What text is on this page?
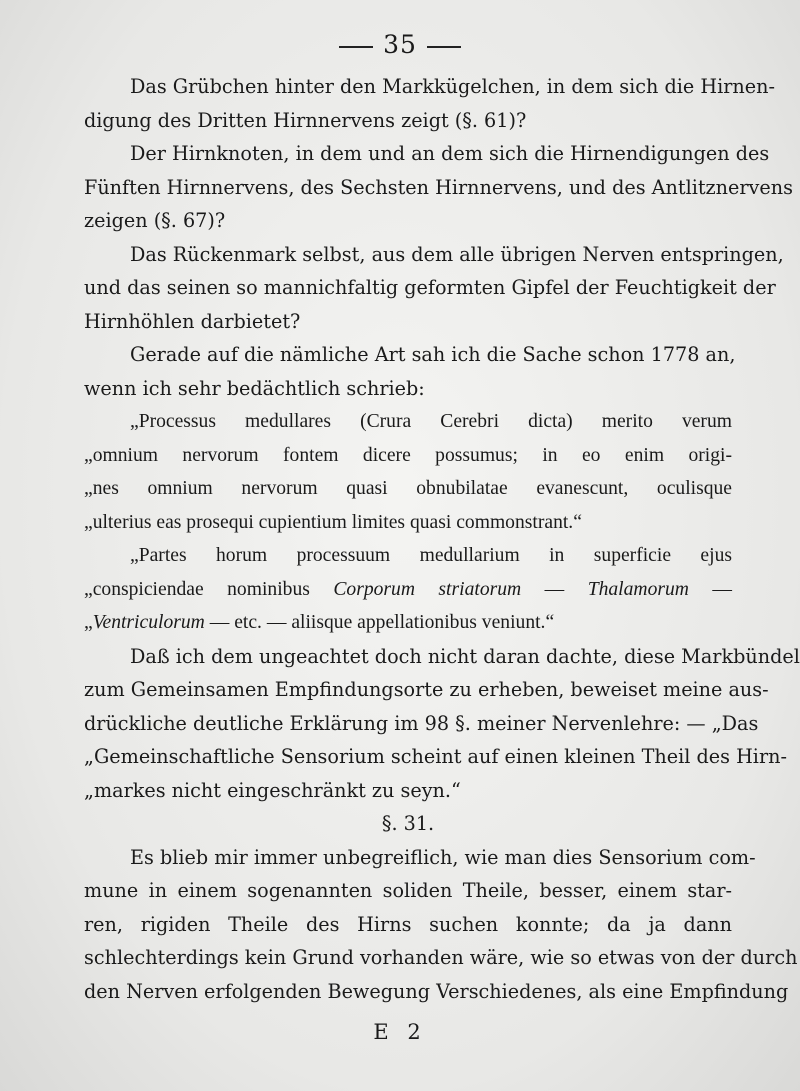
35
Das Grübchen hinter den Markkügelchen, in dem sich die Hirnen-
digung des Dritten Hirnnervens zeigt (§. 61)?
Der Hirnknoten, in dem und an dem sich die Hirnendigungen des
Fünften Hirnnervens, des Sechsten Hirnnervens, und des Antlitznervens
zeigen (§. 67)?
Das Rückenmark selbst, aus dem alle übrigen Nerven entspringen,
und das seinen so mannichfaltig geformten Gipfel der Feuchtigkeit der
Hirnhöhlen darbietet?
Gerade auf die nämliche Art sah ich die Sache schon 1778 an,
wenn ich sehr bedächtlich schrieb:
„Processus medullares (Crura Cerebri dicta) merito verum
„omnium nervorum fontem dicere possumus; in eo enim origi-
„nes omnium nervorum quasi obnubilatae evanescunt, oculisque
„ulterius eas prosequi cupientium limites quasi commonstrant.“
„Partes horum processuum medullarium in superficie ejus
„conspiciendae nominibus Corporum striatorum — Thalamorum —
„Ventriculorum — etc. — aliisque appellationibus veniunt.“
Daß ich dem ungeachtet doch nicht daran dachte, diese Markbündel
zum Gemeinsamen Empfindungsorte zu erheben, beweiset meine aus-
drückliche deutliche Erklärung im 98 §. meiner Nervenlehre: — „Das
„Gemeinschaftliche Sensorium scheint auf einen kleinen Theil des Hirn-
„markes nicht eingeschränkt zu seyn.“
§. 31.
Es blieb mir immer unbegreiflich, wie man dies Sensorium com-
mune in einem sogenannten soliden Theile, besser, einem star-
ren, rigiden Theile des Hirns suchen konnte; da ja dann
schlechterdings kein Grund vorhanden wäre, wie so etwas von der durch
den Nerven erfolgenden Bewegung Verschiedenes, als eine Empfindung
E 2
